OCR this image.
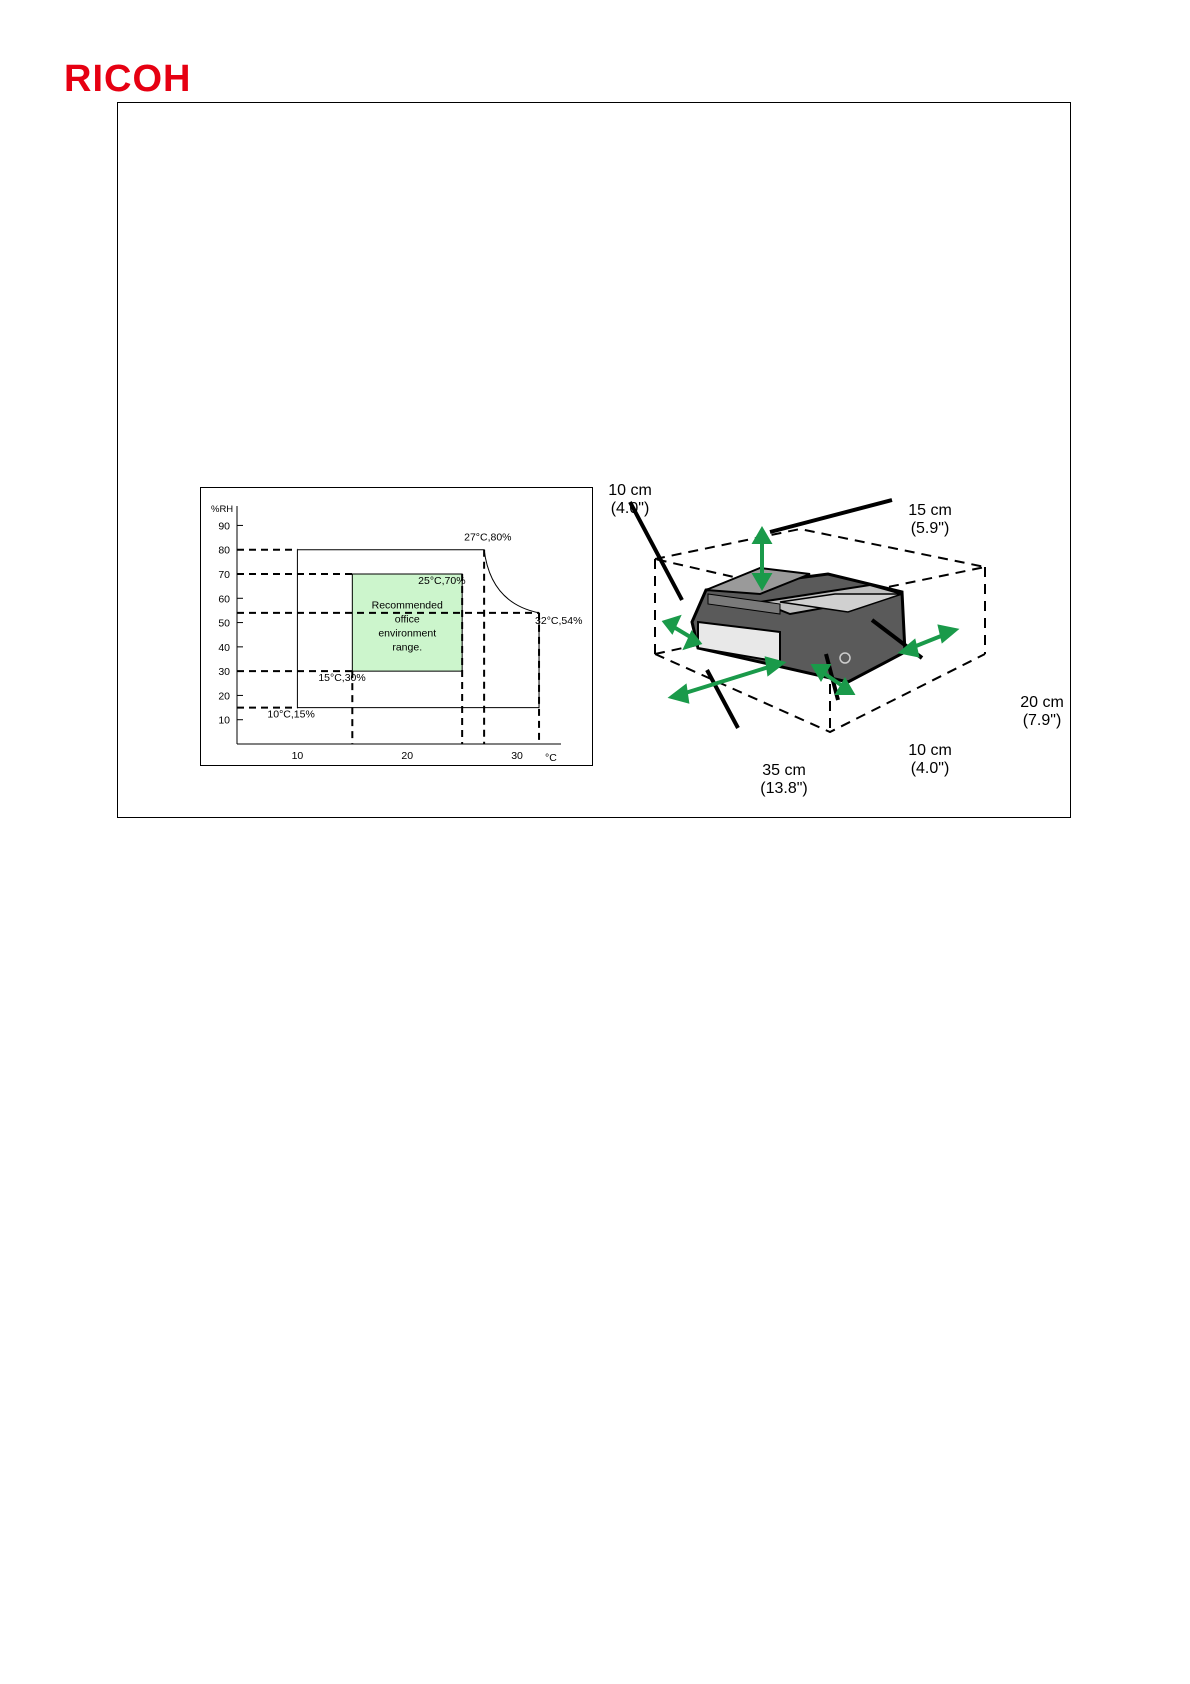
RICOH
Recommended
office
environment
range.
90
80
70
60
50
40
30
20
10
%RH
10	20	30 °C
27°C,80%
25°C,70%
32°C,54%
15°C,30%
10°C,15%
10 cm
(4.0")	15 cm
(5.9")
20 cm
(7.9")
10 cm
(4.0")
35 cm
(13.8")
